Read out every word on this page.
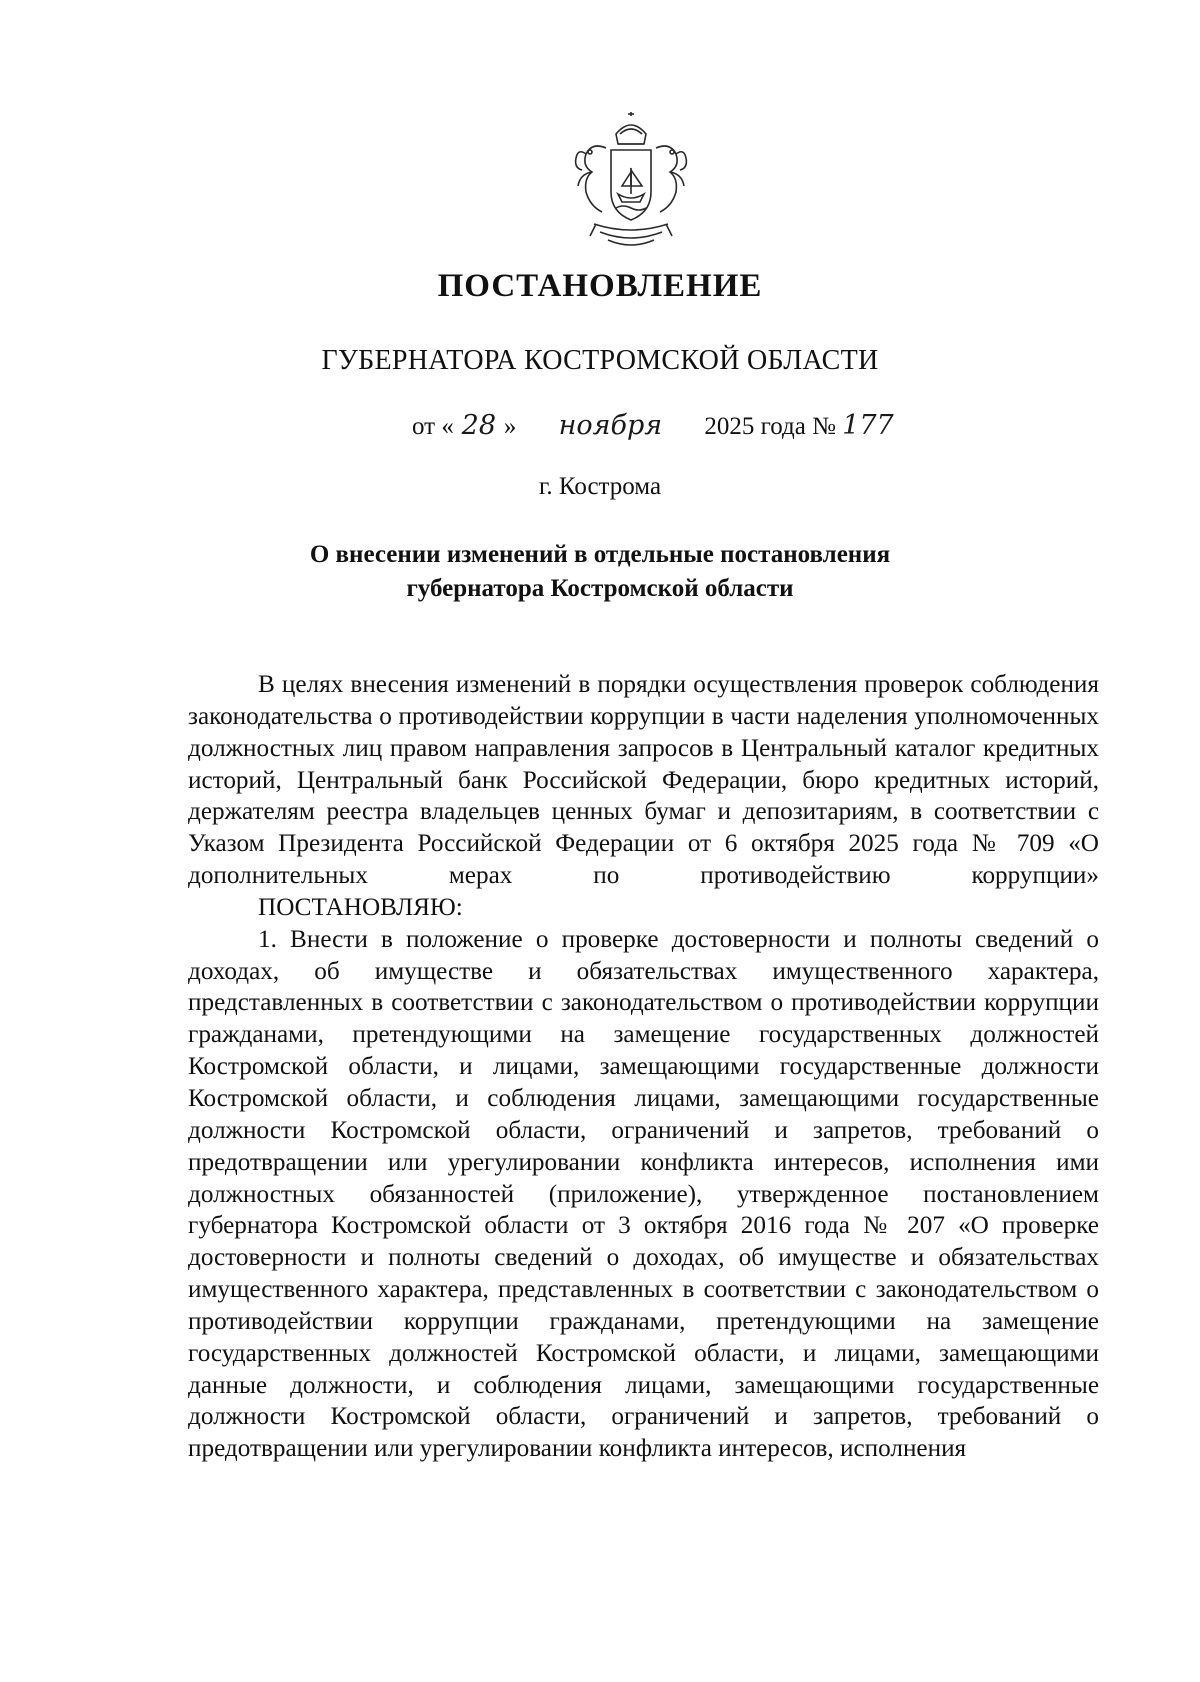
ПОСТАНОВЛЕНИЕ
ГУБЕРНАТОРА КОСТРОМСКОЙ ОБЛАСТИ
от « 28 » ноября 2025 года № 177
г. Кострома
О внесении изменений в отдельные постановления
губернатора Костромской области

В целях внесения изменений в порядки осуществления проверок соблюдения законодательства о противодействии коррупции в части наделения уполномоченных должностных лиц правом направления запросов в Центральный каталог кредитных историй, Центральный банк Российской Федерации, бюро кредитных историй, держателям реестра владельцев ценных бумаг и депозитариям, в соответствии с Указом Президента Российской Федерации от 6 октября 2025 года № 709 «О дополнительных мерах по противодействию коррупции»

ПОСТАНОВЛЯЮ:

1. Внести в положение о проверке достоверности и полноты сведений о доходах, об имуществе и обязательствах имущественного характера, представленных в соответствии с законодательством о противодействии коррупции гражданами, претендующими на замещение государственных должностей Костромской области, и лицами, замещающими государственные должности Костромской области, и соблюдения лицами, замещающими государственные должности Костромской области, ограничений и запретов, требований о предотвращении или урегулировании конфликта интересов, исполнения ими должностных обязанностей (приложение), утвержденное постановлением губернатора Костромской области от 3 октября 2016 года № 207 «О проверке достоверности и полноты сведений о доходах, об имуществе и обязательствах имущественного характера, представленных в соответствии с законодательством о противодействии коррупции гражданами, претендующими на замещение государственных должностей Костромской области, и лицами, замещающими данные должности, и соблюдения лицами, замещающими государственные должности Костромской области, ограничений и запретов, требований о предотвращении или урегулировании конфликта интересов, исполнения
